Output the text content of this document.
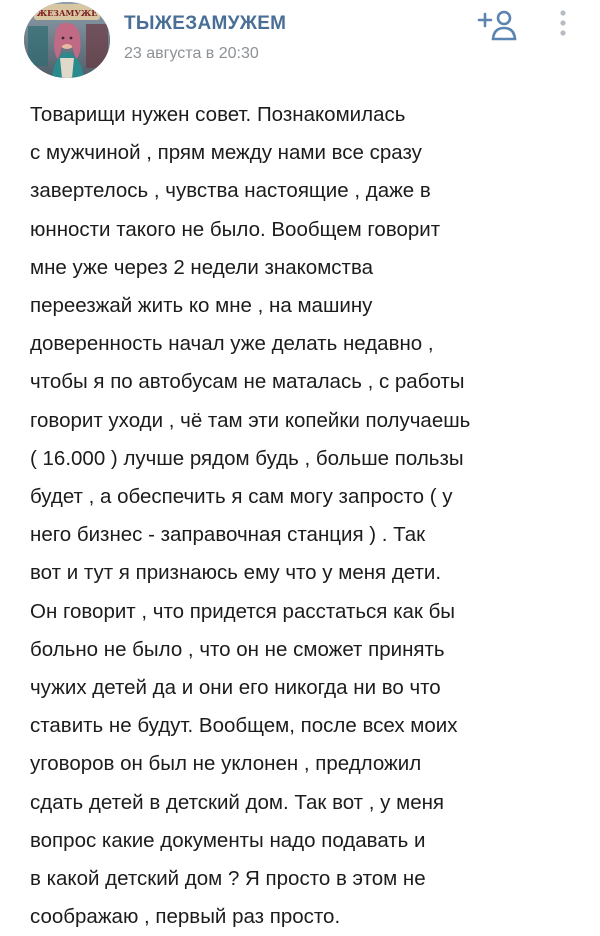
ЖЕЗАМУЖЕ ТЫЖЕЗАМУЖЕМ
23 августа в 20:30
Товарищи нужен совет. Познакомилась
с мужчиной , прям между нами все сразу
завертелось , чувства настоящие , даже в
юнности такого не было. Вообщем говорит
мне уже через 2 недели знакомства
переезжай жить ко мне , на машину
доверенность начал уже делать недавно ,
чтобы я по автобусам не маталась , с работы
говорит уходи , чё там эти копейки получаешь
( 16.000 ) лучше рядом будь , больше пользы
будет , а обеспечить я сам могу запросто ( у
него бизнес - заправочная станция ) . Так
вот и тут я признаюсь ему что у меня дети.
Он говорит , что придется расстаться как бы
больно не было , что он не сможет принять
чужих детей да и они его никогда ни во что
ставить не будут. Вообщем, после всех моих
уговоров он был не уклонен , предложил
сдать детей в детский дом. Так вот , у меня
вопрос какие документы надо подавать и
в какой детский дом ? Я просто в этом не
соображаю , первый раз просто.
